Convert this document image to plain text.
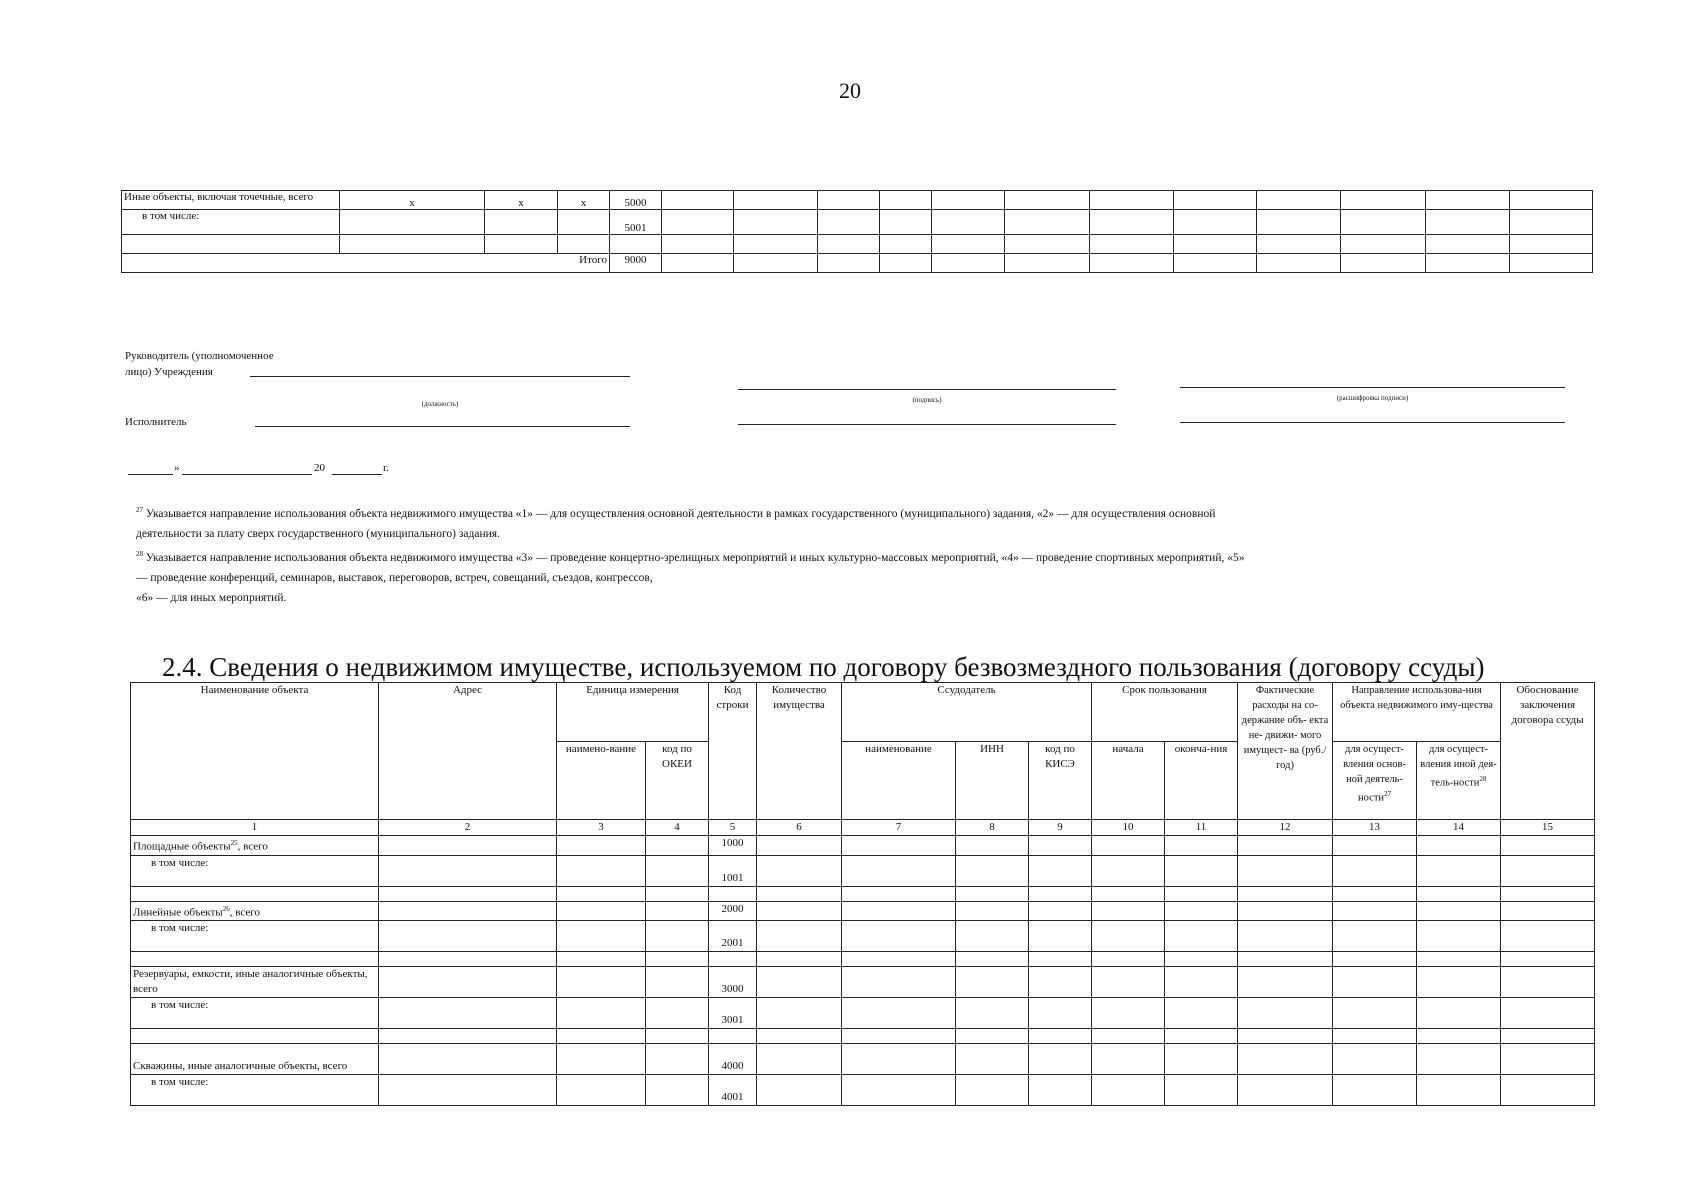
20
Иные объекты, включая точечные, всего	x	x	x	5000												
в том числе:				5001												

Итого				9000												
Руководитель (уполномоченное
лицо) Учреждения
(должность)	(подпись)	(расшифровка подписи)
Исполнитель
»	20	г.
$^{27}$ Указывается направление использования объекта недвижимого имущества «1» — для осуществления основной деятельности в рамках государственного (муниципального) задания, «2» — для осуществления основной
деятельности за плату сверх государственного (муниципального) задания.
$^{28}$ Указывается направление использования объекта недвижимого имущества «3» — проведение концертно-зрелищных мероприятий и иных культурно-массовых мероприятий, «4» — проведение спортивных мероприятий, «5»
— проведение конференций, семинаров, выставок, переговоров, встреч, совещаний, съездов, конгрессов,
«6» — для иных мероприятий.
2.4. Сведения о недвижимом имуществе, используемом по договору безвозмездного пользования (договору ссуды)
Наименование объекта	Адрес	Единица измерения		Код строки	Количество имущества	Ссудодатель			Срок пользования		Фактические расходы на со- держание объ- екта не- движи- мого имущест- ва (руб./год)	Направление использова-ния объекта недвижимого иму-щества		Обоснование заключения договора ссуды
		наимено-вание	код по ОКЕИ			наименование	ИНН	код по КИСЭ	начала	оконча-ния		для осущест-вления основ- ной деятель-ности$^{27}$	для осущест-вления иной дея-тель-ности$^{28}$
1	2	3	4	5	6	7	8	9	10	11	12	13	14	15
Площадные объекты$^{25}$, всего				1000										
в том числе:				1001										

Линейные объекты$^{26}$, всего				2000										
в том числе:				2001										

Резервуары, емкости, иные аналогичные объекты, всего				3000										
в том числе:				3001										

Скважины, иные аналогичные объекты, всего				4000										
в том числе:				4001										
